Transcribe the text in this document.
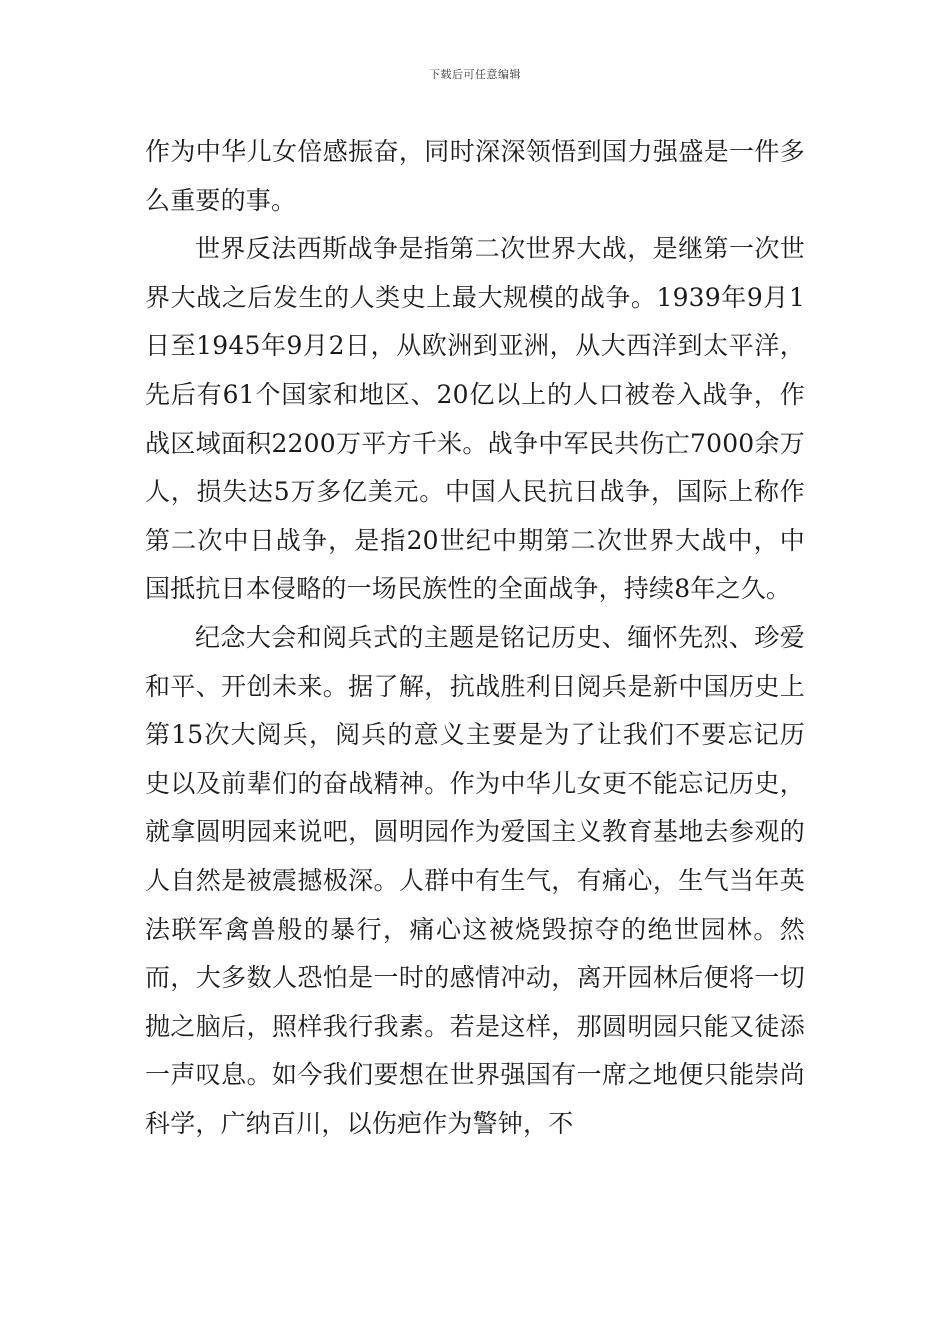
下载后可任意编辑

作为中华儿女倍感振奋，同时深深领悟到国力强盛是一件多么重要的事。

世界反法西斯战争是指第二次世界大战，是继第一次世界大战之后发生的人类史上最大规模的战争。1939年9月1日至1945年9月2日，从欧洲到亚洲，从大西洋到太平洋，先后有61个国家和地区、20亿以上的人口被卷入战争，作战区域面积2200万平方千米。战争中军民共伤亡7000余万人，损失达5万多亿美元。中国人民抗日战争，国际上称作第二次中日战争，是指20世纪中期第二次世界大战中，中国抵抗日本侵略的一场民族性的全面战争，持续8年之久。

纪念大会和阅兵式的主题是铭记历史、缅怀先烈、珍爱和平、开创未来。据了解，抗战胜利日阅兵是新中国历史上第15次大阅兵，阅兵的意义主要是为了让我们不要忘记历史以及前辈们的奋战精神。作为中华儿女更不能忘记历史，就拿圆明园来说吧，圆明园作为爱国主义教育基地去参观的人自然是被震撼极深。人群中有生气，有痛心，生气当年英法联军禽兽般的暴行，痛心这被烧毁掠夺的绝世园林。然而，大多数人恐怕是一时的感情冲动，离开园林后便将一切抛之脑后，照样我行我素。若是这样，那圆明园只能又徒添一声叹息。如今我们要想在世界强国有一席之地便只能崇尚科学，广纳百川，以伤疤作为警钟，不
